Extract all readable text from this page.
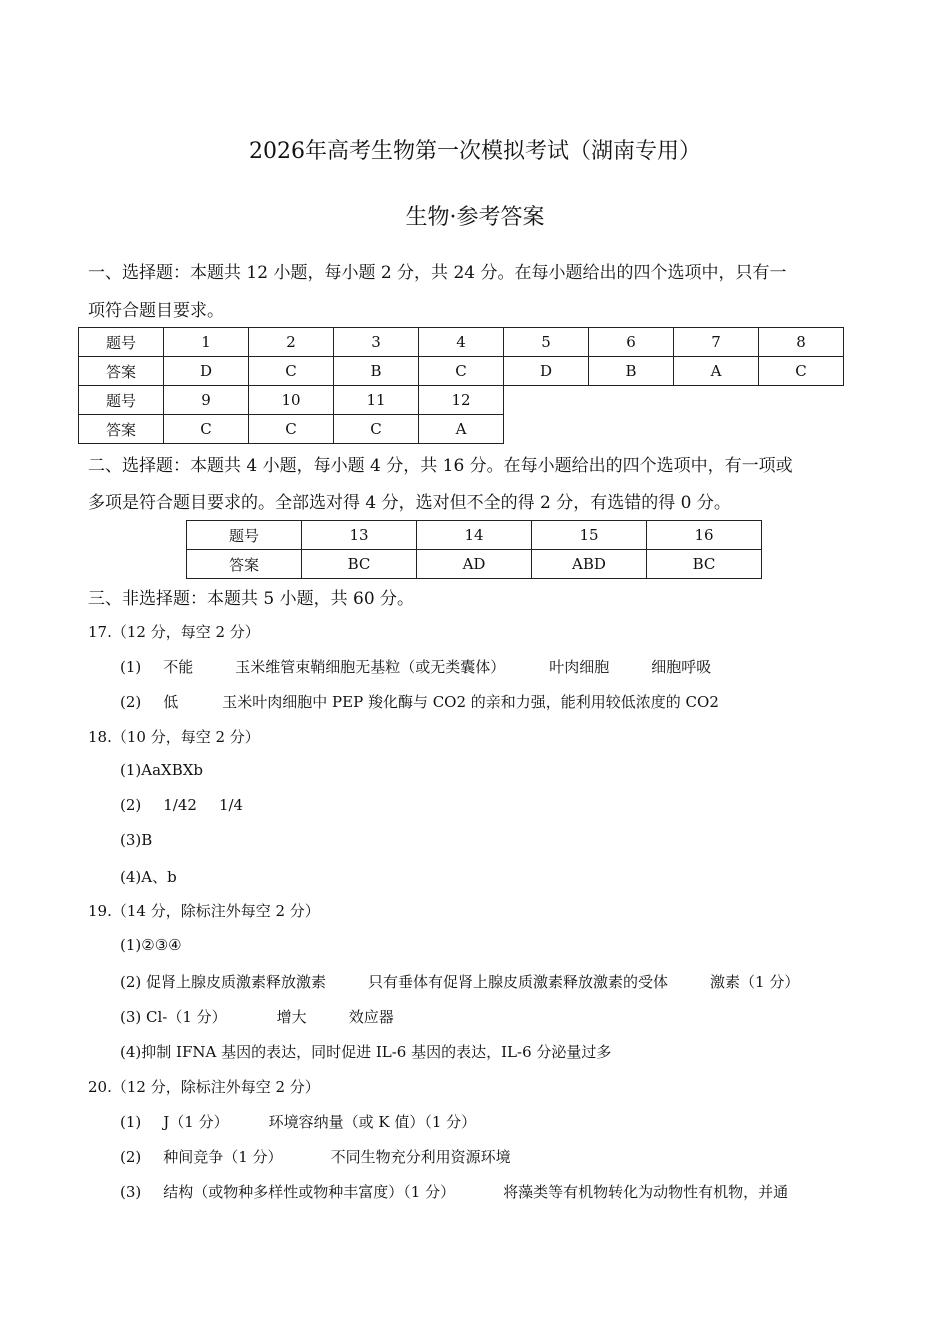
2026年高考生物第一次模拟考试（湖南专用）
生物·参考答案
一、选择题：本题共 12 小题，每小题 2 分，共 24 分。在每小题给出的四个选项中，只有一
项符合题目要求。
题号	1	2	3	4	5	6	7	8
答案	D	C	B	C	D	B	A	C
题号	9	10	11	12				
答案	C	C	C	A				
二、选择题：本题共 4 小题，每小题 4 分，共 16 分。在每小题给出的四个选项中，有一项或
多项是符合题目要求的。全部选对得 4 分，选对但不全的得 2 分，有选错的得 0 分。
题号	13	14	15	16
答案	BC	AD	ABD	BC
三、非选择题：本题共 5 小题，共 60 分。
17.（12 分，每空 2 分）
(1) 不能	玉米维管束鞘细胞无基粒（或无类囊体）	叶肉细胞	细胞呼吸
(2) 低	玉米叶肉细胞中 PEP 羧化酶与 CO2 的亲和力强，能利用较低浓度的 CO2
18.（10 分，每空 2 分）
(1)AaXBXb
(2) 1/42 1/4
(3)B
(4)A、b
19.（14 分，除标注外每空 2 分）
(1)②③④
(2) 促肾上腺皮质激素释放激素	只有垂体有促肾上腺皮质激素释放激素的受体	激素（1 分）
(3) Cl-（1 分）	增大	效应器
(4)抑制 IFNA 基因的表达，同时促进 IL-6 基因的表达，IL-6 分泌量过多
20.（12 分，除标注外每空 2 分）
(1) J（1 分）	环境容纳量（或 K 值）（1 分）
(2) 种间竞争（1 分）	不同生物充分利用资源环境
(3) 结构（或物种多样性或物种丰富度）（1 分）	将藻类等有机物转化为动物性有机物，并通
